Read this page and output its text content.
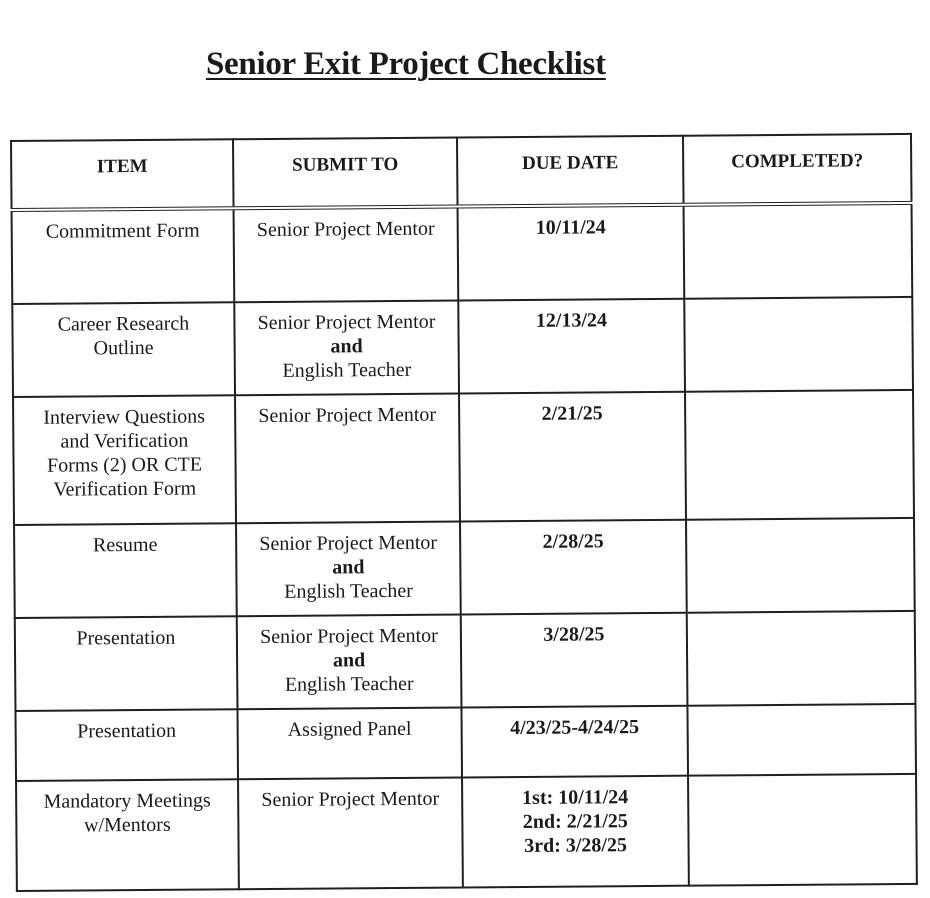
Senior Exit Project Checklist
ITEM	SUBMIT TO	DUE DATE	COMPLETED?

Commitment Form	Senior Project Mentor	10/11/24	

Career Research
Outline	Senior Project Mentor
and
English Teacher	12/13/24	

Interview Questions
and Verification
Forms (2) OR CTE
Verification Form	Senior Project Mentor	2/21/25	

Resume	Senior Project Mentor
and
English Teacher	2/28/25	

Presentation	Senior Project Mentor
and
English Teacher	3/28/25	

Presentation	Assigned Panel	4/23/25-4/24/25	

Mandatory Meetings
w/Mentors	Senior Project Mentor	1st: 10/11/24
2nd: 2/21/25
3rd: 3/28/25	
